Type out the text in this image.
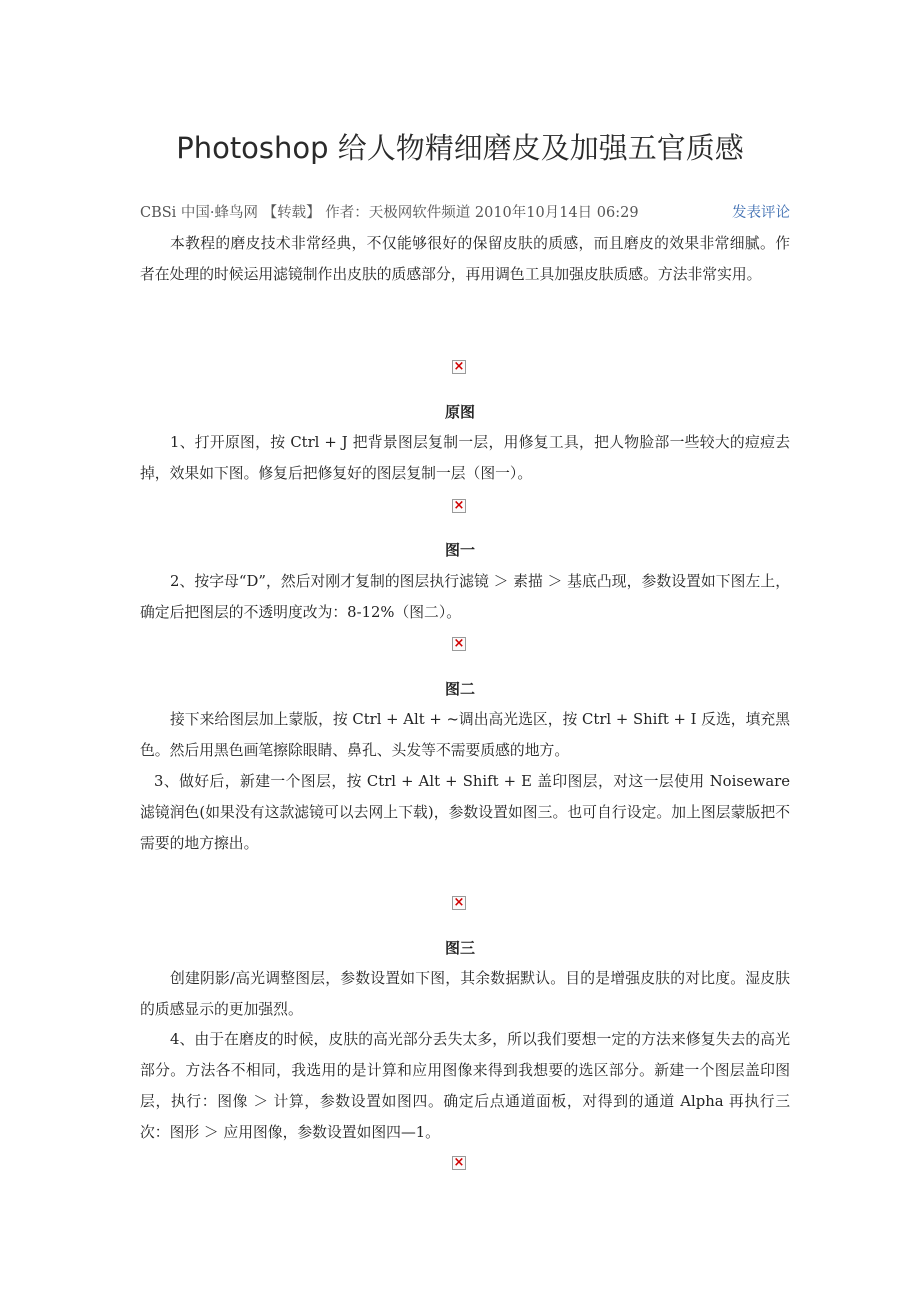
Photoshop 给人物精细磨皮及加强五官质感
CBSi 中国·蜂鸟网 【转载】 作者：天极网软件频道 2010年10月14日 06:29	发表评论
本教程的磨皮技术非常经典，不仅能够很好的保留皮肤的质感，而且磨皮的效果非常细腻。作者在处理的时候运用滤镜制作出皮肤的质感部分，再用调色工具加强皮肤质感。方法非常实用。
×
原图
1、打开原图，按 Ctrl + J 把背景图层复制一层，用修复工具，把人物脸部一些较大的痘痘去掉，效果如下图。修复后把修复好的图层复制一层（图一）。
×
图一
2、按字母“D”，然后对刚才复制的图层执行滤镜 ＞ 素描 ＞ 基底凸现，参数设置如下图左上，确定后把图层的不透明度改为：8-12%（图二）。
×
图二
接下来给图层加上蒙版，按 Ctrl + Alt + ~调出高光选区，按 Ctrl + Shift + I 反选，填充黑色。然后用黑色画笔擦除眼睛、鼻孔、头发等不需要质感的地方。
3、做好后，新建一个图层，按 Ctrl + Alt + Shift + E 盖印图层，对这一层使用 Noiseware 滤镜润色(如果没有这款滤镜可以去网上下载)，参数设置如图三。也可自行设定。加上图层蒙版把不需要的地方擦出。
×
图三
创建阴影/高光调整图层，参数设置如下图，其余数据默认。目的是增强皮肤的对比度。湿皮肤的质感显示的更加强烈。
4、由于在磨皮的时候，皮肤的高光部分丢失太多，所以我们要想一定的方法来修复失去的高光部分。方法各不相同，我选用的是计算和应用图像来得到我想要的选区部分。新建一个图层盖印图层，执行：图像 ＞ 计算，参数设置如图四。确定后点通道面板，对得到的通道 Alpha 再执行三次：图形 ＞ 应用图像，参数设置如图四—1。
×
